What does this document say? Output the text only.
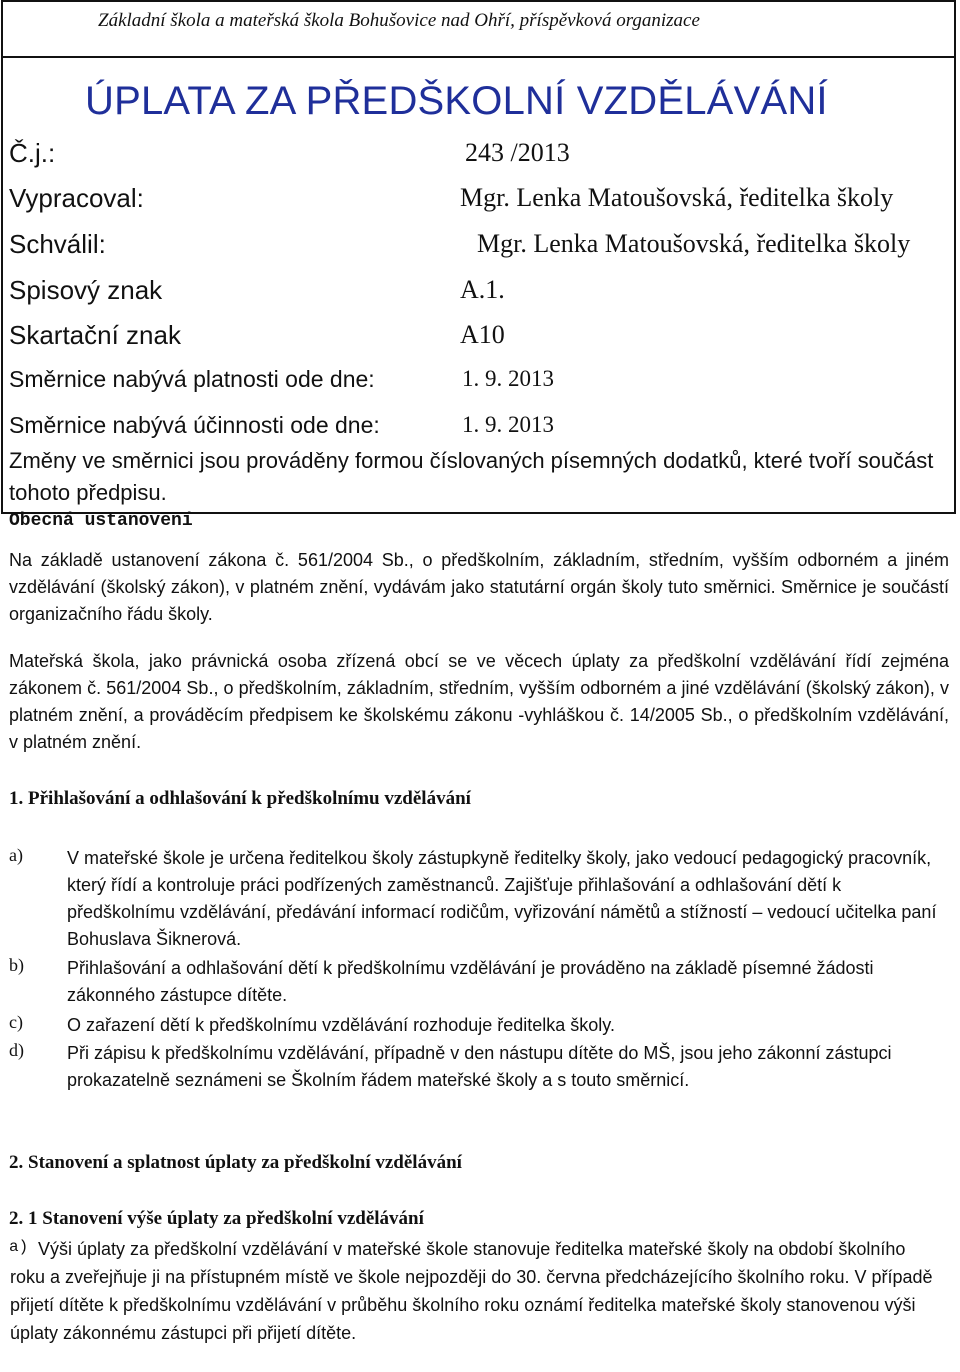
Základní škola a mateřská škola Bohušovice nad Ohří, příspěvková organizace
ÚPLATA ZA PŘEDŠKOLNÍ VZDĚLÁVÁNÍ
Č.j.:	243 /2013
Vypracoval:	Mgr. Lenka Matoušovská, ředitelka školy
Schválil:	Mgr. Lenka Matoušovská, ředitelka školy
Spisový znak	A.1.
Skartační znak	A10
Směrnice nabývá platnosti ode dne:	1. 9. 2013
Směrnice nabývá účinnosti ode dne:	1. 9. 2013
Změny ve směrnici jsou prováděny formou číslovaných písemných dodatků, které tvoří součást tohoto předpisu.
Obecná ustanovení
Na základě ustanovení zákona č. 561/2004 Sb., o předškolním, základním, středním, vyšším odborném a jiném vzdělávání (školský zákon), v platném znění, vydávám jako statutární orgán školy tuto směrnici. Směrnice je součástí organizačního řádu školy.
Mateřská škola, jako právnická osoba zřízená obcí se ve věcech úplaty za předškolní vzdělávání řídí zejména zákonem č. 561/2004 Sb., o předškolním, základním, středním, vyšším odborném a jiné vzdělávání (školský zákon), v platném znění, a prováděcím předpisem ke školskému zákonu -vyhláškou č. 14/2005 Sb., o předškolním vzdělávání, v platném znění.
1. Přihlašování a odhlašování k předškolnímu vzdělávání
a) V mateřské škole je určena ředitelkou školy zástupkyně ředitelky školy, jako vedoucí pedagogický pracovník, který řídí a kontroluje práci podřízených zaměstnanců. Zajišťuje přihlašování a odhlašování dětí k předškolnímu vzdělávání, předávání informací rodičům, vyřizování námětů a stížností – vedoucí učitelka paní Bohuslava Šiknerová.
b) Přihlašování a odhlašování dětí k předškolnímu vzdělávání je prováděno na základě písemné žádosti zákonného zástupce dítěte.
c) O zařazení dětí k předškolnímu vzdělávání rozhoduje ředitelka školy.
d) Při zápisu k předškolnímu vzdělávání, případně v den nástupu dítěte do MŠ, jsou jeho zákonní zástupci prokazatelně seznámeni se Školním řádem mateřské školy a s touto směrnicí.
2. Stanovení a splatnost úplaty za předškolní vzdělávání
2. 1 Stanovení výše úplaty za předškolní vzdělávání
a) Výši úplaty za předškolní vzdělávání v mateřské škole stanovuje ředitelka mateřské školy na období školního roku a zveřejňuje ji na přístupném místě ve škole nejpozději do 30. června předcházejícího školního roku. V případě přijetí dítěte k předškolnímu vzdělávání v průběhu školního roku oznámí ředitelka mateřské školy stanovenou výši úplaty zákonnému zástupci při přijetí dítěte.
